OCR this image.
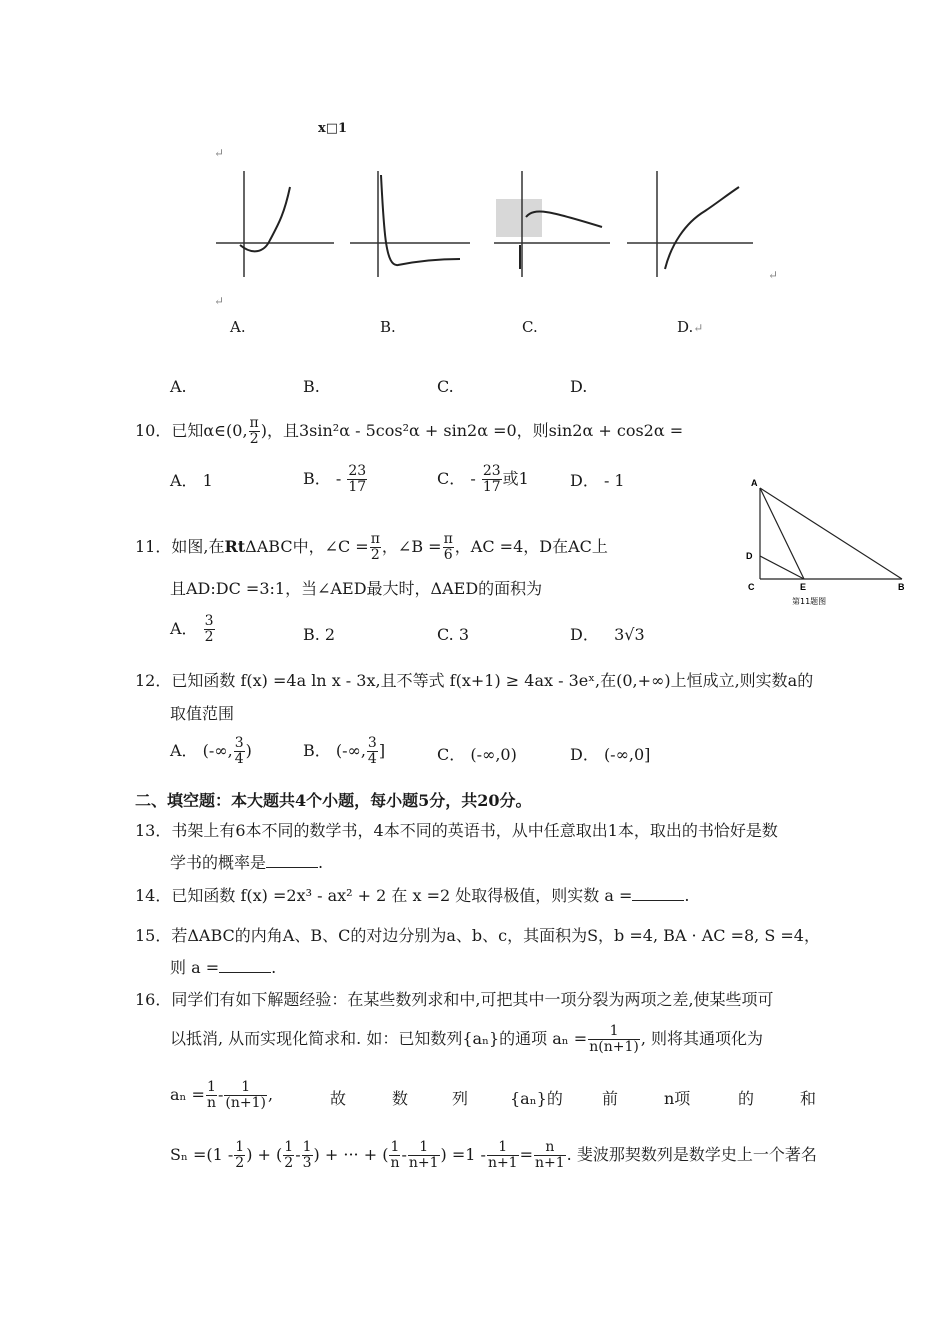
x□1
↵
↵
↵
A.	B.	C.	D.↵
A.	B.	C.	D.
10．已知α∈(0, $\frac{\pi}{2}$ )，且3sin²α - 5cos²α + sin2α =0，则sin2α + cos2α =
A． 1	B． - $\frac{23}{17}$	C． - $\frac{23}{17}$ 或1	D． - 1	A
D
C	E	B
第11题图
11．如图,在RtΔABC中，∠C = $\frac{\pi}{2}$ ，∠B = $\frac{\pi}{6}$ ，AC =4，D在AC上
且AD:DC =3:1，当∠AED最大时，ΔAED的面积为
A． $\frac{3}{2}$	B. 2	C. 3	D． 3√3
12．已知函数 f(x) =4a ln x - 3x,且不等式 f(x+1) ≥ 4ax - 3eˣ,在(0,+∞)上恒成立,则实数a的
取值范围
A． (-∞, $\frac{3}{4}$ )	B． (-∞, $\frac{3}{4}$ ]	C． (-∞,0)	D． (-∞,0]
二、填空题：本大题共4个小题，每小题5分，共20分。
13．书架上有6本不同的数学书，4本不同的英语书，从中任意取出1本，取出的书恰好是数
学书的概率是	.
14．已知函数 f(x) =2x³ - ax² + 2 在 x =2 处取得极值，则实数 a =	.
15．若ΔABC的内角A、B、C的对边分别为a、b、c，其面积为S，b =4, BA · AC =8, S =4，
则 a =	.
16．同学们有如下解题经验：在某些数列求和中,可把其中一项分裂为两项之差,使某些项可
以抵消, 从而实现化简求和. 如：已知数列{aₙ}的通项 $a_n = \frac{1}{n(n+1)}$ , 则将其通项化为
$a_n = \frac{1}{n} - \frac{1}{(n+1)}$ ,	故	数	列	{aₙ}的 前	n项	的	和
$S_n =(1 - \frac{1}{2}$ ) + ( $\frac{1}{2} - \frac{1}{3}$ ) + ··· + ( $\frac{1}{n} - \frac{1}{n+1}$ ) $=1 - \frac{1}{n+1} = \frac{n}{n+1}$ . 斐波那契数列是数学史上一个著名
